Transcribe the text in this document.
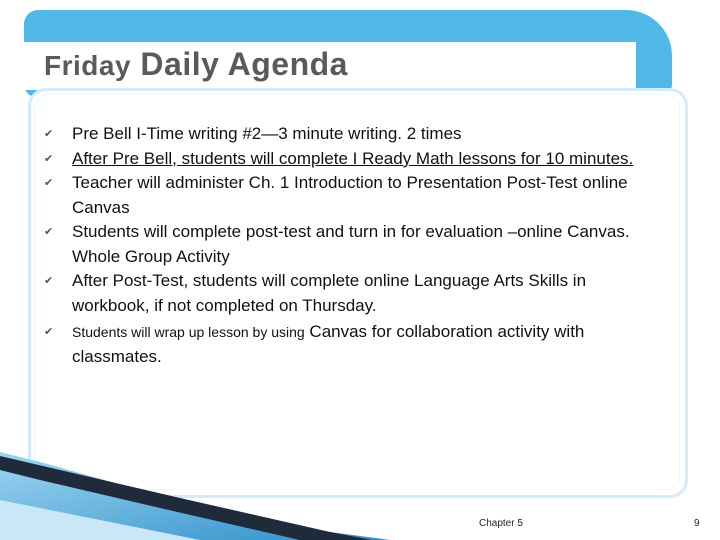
Friday Daily Agenda
✔︎ Pre Bell I-Time writing #2—3 minute writing. 2 times
✔︎ After Pre Bell, students will complete I Ready Math lessons for 10 minutes.
✔︎ Teacher will administer Ch. 1 Introduction to Presentation Post-Test online Canvas
✔︎ Students will complete post-test and turn in for evaluation –online Canvas. Whole Group Activity
✔︎ After Post-Test, students will complete online Language Arts Skills in workbook, if not completed on Thursday.
✔︎ Students will wrap up lesson by using Canvas for collaboration activity with classmates.
Chapter 5	9
